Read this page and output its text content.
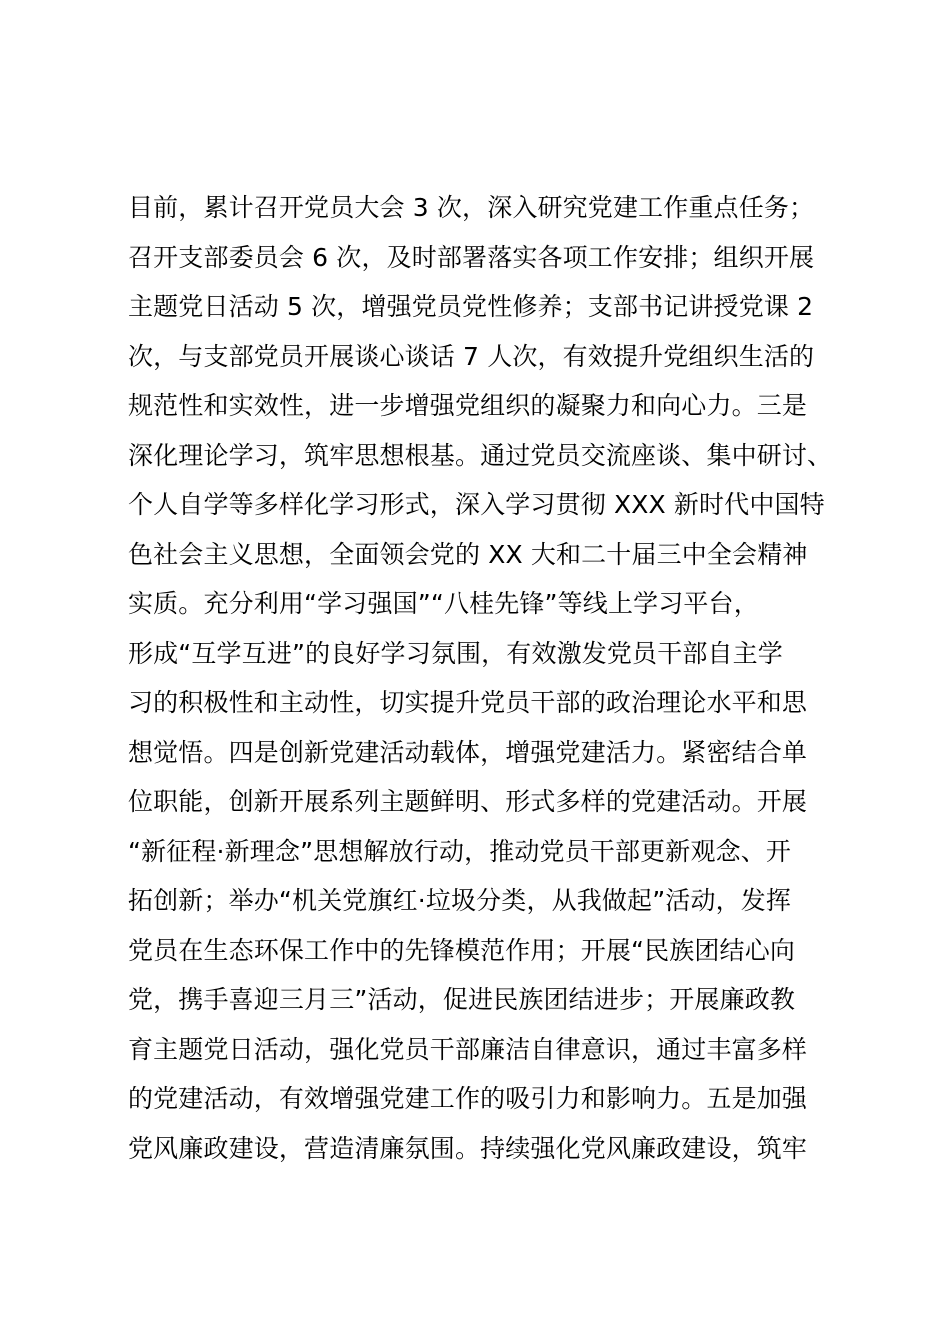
目前，累计召开党员大会 3 次，深入研究党建工作重点任务；
召开支部委员会 6 次，及时部署落实各项工作安排；组织开展
主题党日活动 5 次，增强党员党性修养；支部书记讲授党课 2
次，与支部党员开展谈心谈话 7 人次，有效提升党组织生活的
规范性和实效性，进一步增强党组织的凝聚力和向心力。三是
深化理论学习，筑牢思想根基。通过党员交流座谈、集中研讨、
个人自学等多样化学习形式，深入学习贯彻 XXX 新时代中国特
色社会主义思想，全面领会党的 XX 大和二十届三中全会精神
实质。充分利用“学习强国”“八桂先锋”等线上学习平台，
形成“互学互进”的良好学习氛围，有效激发党员干部自主学
习的积极性和主动性，切实提升党员干部的政治理论水平和思
想觉悟。四是创新党建活动载体，增强党建活力。紧密结合单
位职能，创新开展系列主题鲜明、形式多样的党建活动。开展
“新征程·新理念”思想解放行动，推动党员干部更新观念、开
拓创新；举办“机关党旗红·垃圾分类，从我做起”活动，发挥
党员在生态环保工作中的先锋模范作用；开展“民族团结心向
党，携手喜迎三月三”活动，促进民族团结进步；开展廉政教
育主题党日活动，强化党员干部廉洁自律意识，通过丰富多样
的党建活动，有效增强党建工作的吸引力和影响力。五是加强
党风廉政建设，营造清廉氛围。持续强化党风廉政建设，筑牢
